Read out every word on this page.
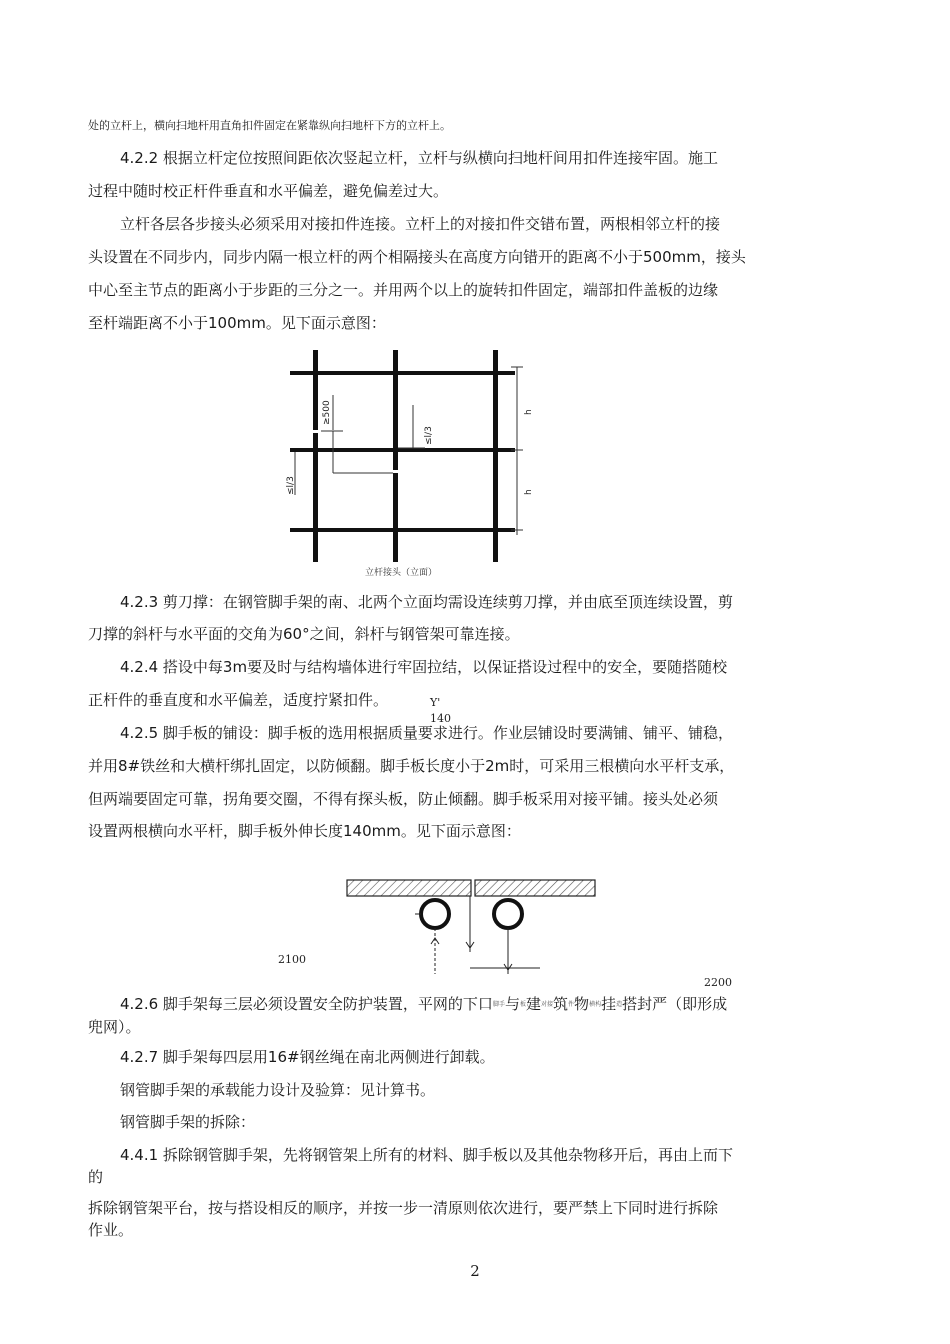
处的立杆上，横向扫地杆用直角扣件固定在紧靠纵向扫地杆下方的立杆上。
4.2.2 根据立杆定位按照间距依次竖起立杆，立杆与纵横向扫地杆间用扣件连接牢固。施工
过程中随时校正杆件垂直和水平偏差，避免偏差过大。
立杆各层各步接头必须采用对接扣件连接。立杆上的对接扣件交错布置，两根相邻立杆的接
头设置在不同步内，同步内隔一根立杆的两个相隔接头在高度方向错开的距离不小于500mm，接头
中心至主节点的距离小于步距的三分之一。并用两个以上的旋转扣件固定，端部扣件盖板的边缘
至杆端距离不小于100mm。见下面示意图：
≥500
≤l/3
≤l/3
h
h
立杆接头（立面）
4.2.3 剪刀撑：在钢管脚手架的南、北两个立面均需设连续剪刀撑，并由底至顶连续设置，剪
刀撑的斜杆与水平面的交角为60°之间，斜杆与钢管架可靠连接。
4.2.4 搭设中每3m要及时与结构墙体进行牢固拉结，以保证搭设过程中的安全，要随搭随校
正杆件的垂直度和水平偏差，适度拧紧扣件。	Y'
140
4.2.5 脚手板的铺设：脚手板的选用根据质量要求进行。作业层铺设时要满铺、铺平、铺稳，
并用8#铁丝和大横杆绑扎固定，以防倾翻。脚手板长度小于2m时，可采用三根横向水平杆支承，
但两端要固定可靠，拐角要交圈，不得有探头板，防止倾翻。脚手板采用对接平铺。接头处必须
设置两根横向水平杆，脚手板外伸长度140mm。见下面示意图：
2100
2200
4.2.6 脚手架每三层必须设置安全防护装置，平网的下口脚手与板建对接筑件物横构挂造搭封严（即形成
兜网）。
4.2.7 脚手架每四层用16#钢丝绳在南北两侧进行卸载。
钢管脚手架的承载能力设计及验算：见计算书。
钢管脚手架的拆除：
4.4.1 拆除钢管脚手架，先将钢管架上所有的材料、脚手板以及其他杂物移开后，再由上而下
的
拆除钢管架平台，按与搭设相反的顺序，并按一步一清原则依次进行，要严禁上下同时进行拆除
作业。
2
